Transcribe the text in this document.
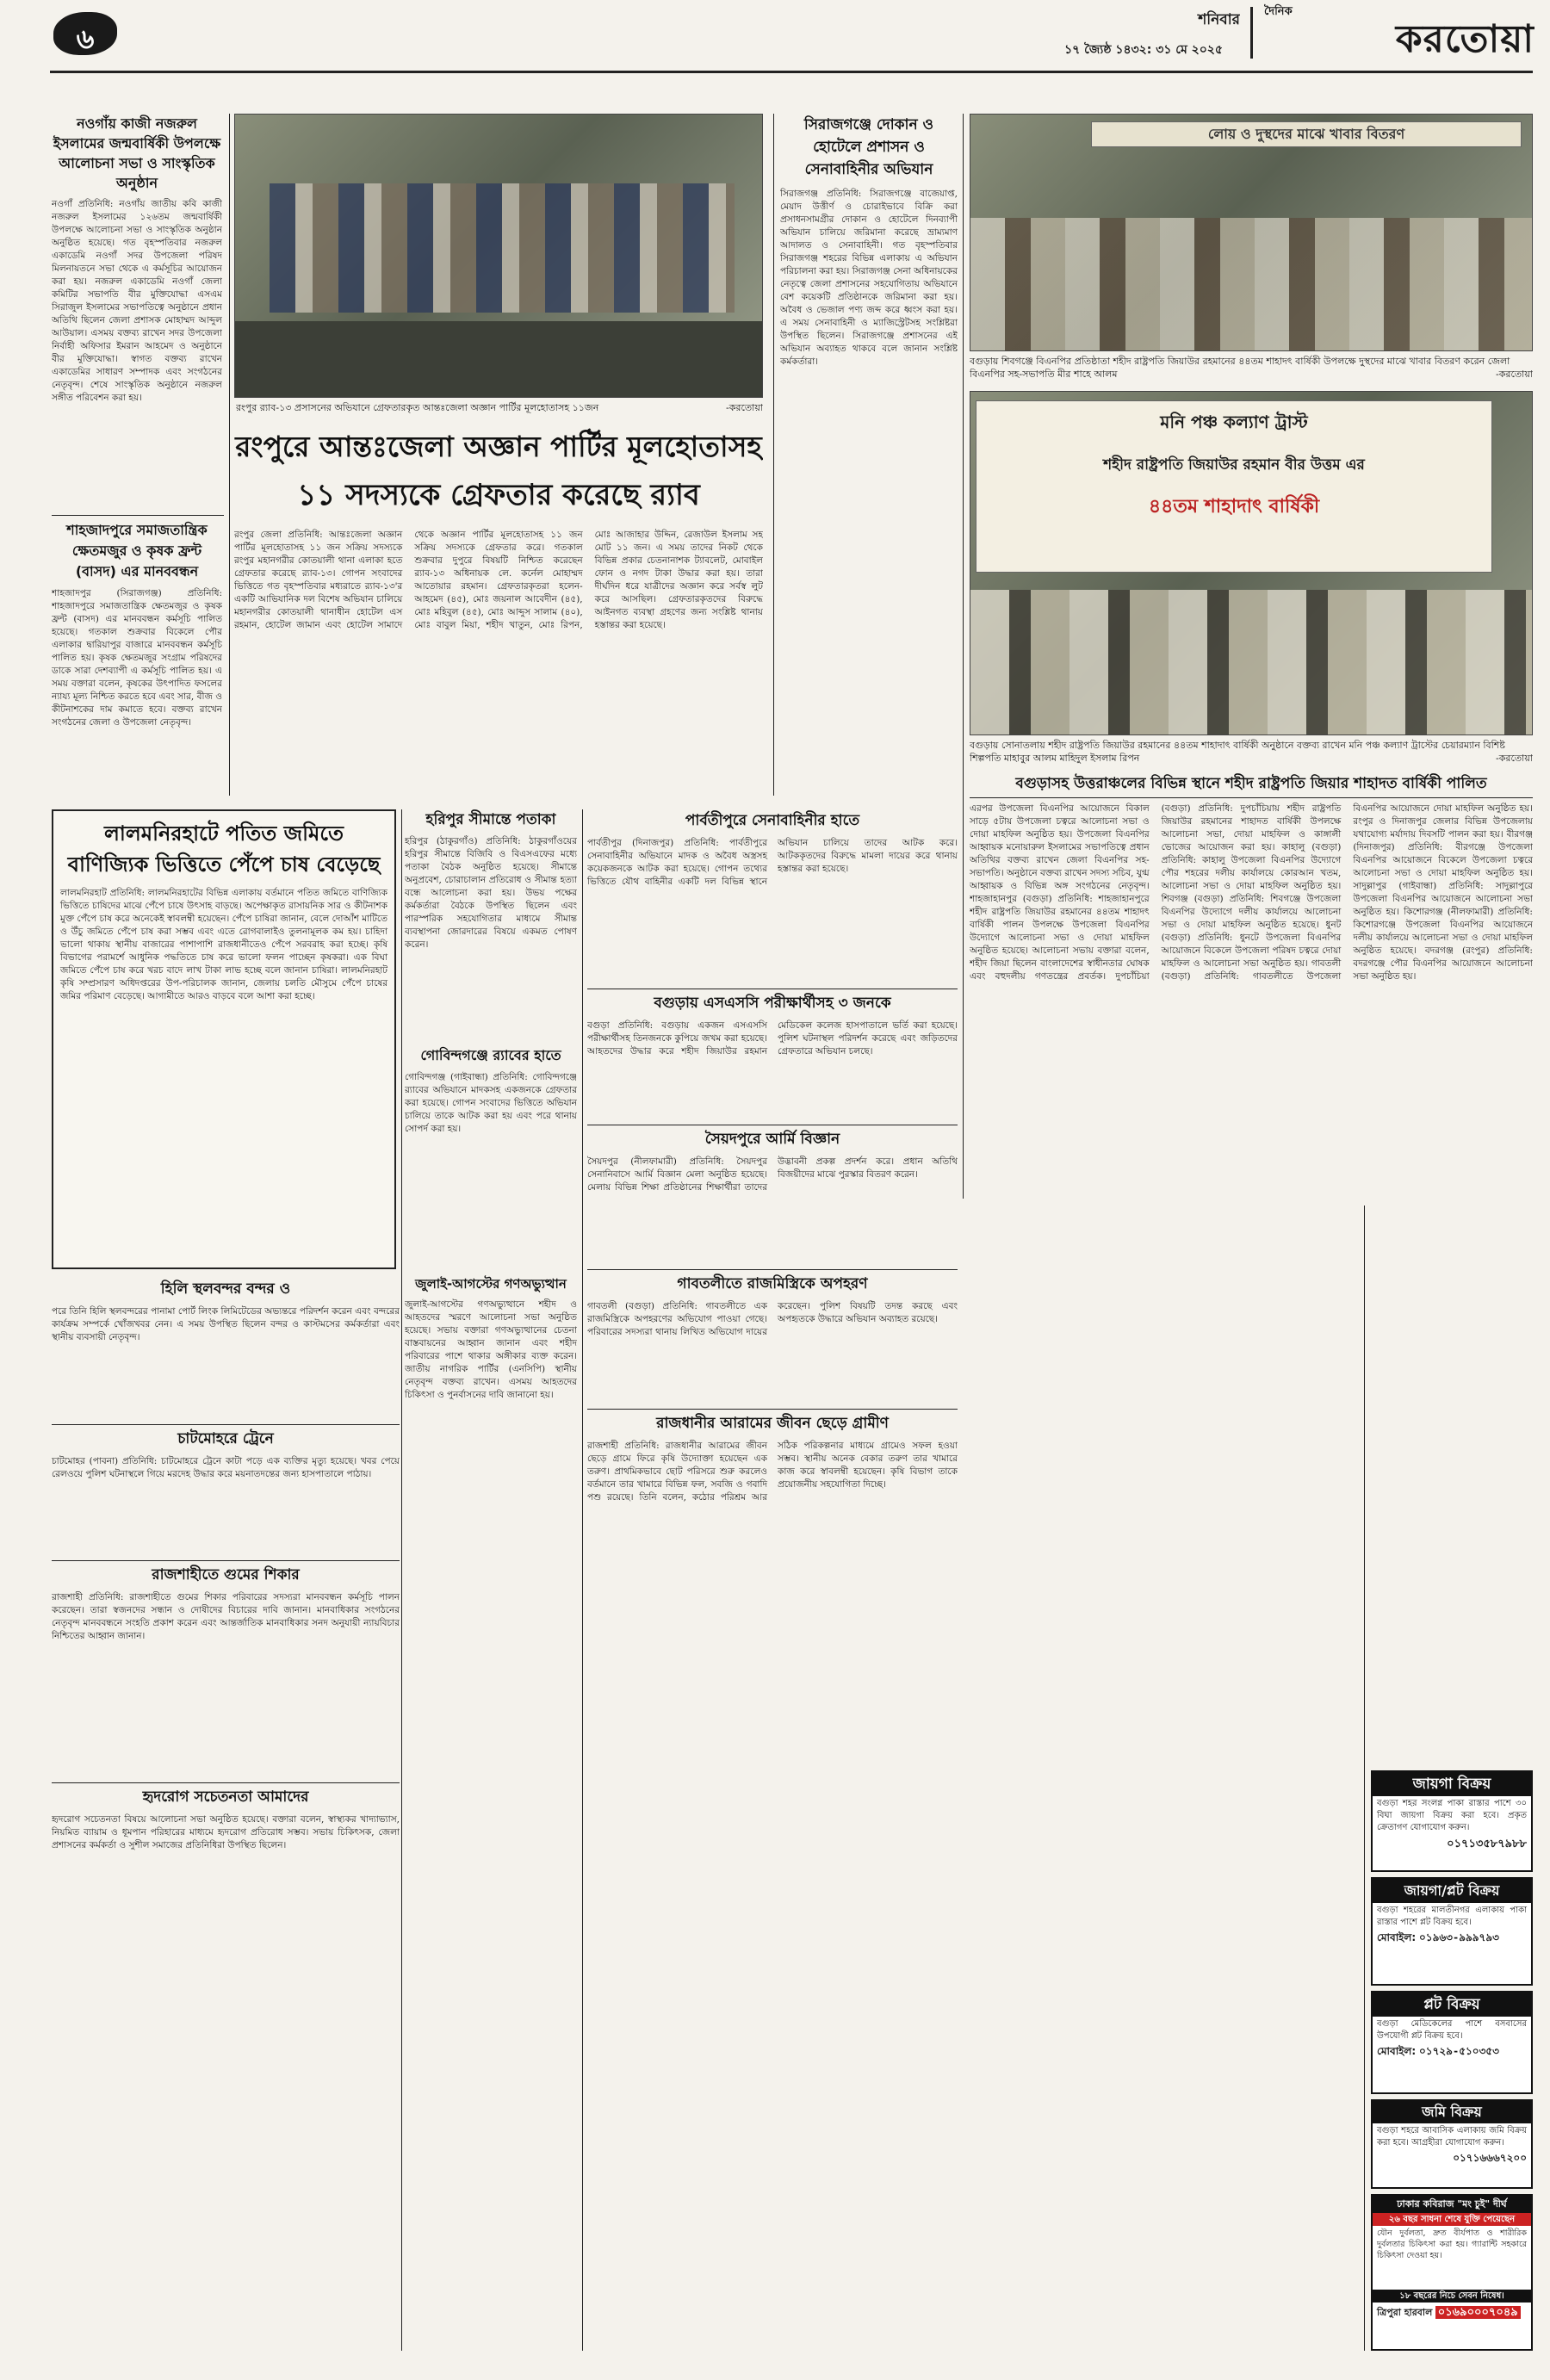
৬	১৭ জ্যৈষ্ঠ ১৪৩২: ৩১ মে ২০২৫
শনিবার দৈনিক
করতোয়া
নওগাঁয় কাজী নজরুল ইসলামের জন্মবার্ষিকী উপলক্ষে আলোচনা সভা ও সাংস্কৃতিক অনুষ্ঠান
নওগাঁ প্রতিনিধি: নওগাঁয় জাতীয় কবি কাজী নজরুল ইসলামের ১২৬তম জন্মবার্ষিকী উপলক্ষে আলোচনা সভা ও সাংস্কৃতিক অনুষ্ঠান অনুষ্ঠিত হয়েছে। গত বৃহস্পতিবার নজরুল একাডেমি নওগাঁ সদর উপজেলা পরিষদ মিলনায়তনে সভা থেকে এ কর্মসূচির আয়োজন করা হয়। নজরুল একাডেমি নওগাঁ জেলা কমিটির সভাপতি বীর মুক্তিযোদ্ধা এসএম সিরাজুল ইসলামের সভাপতিত্বে অনুষ্ঠানে প্রধান অতিথি ছিলেন জেলা প্রশাসক মোহাম্মদ আব্দুল আউয়াল। এসময় বক্তব্য রাখেন সদর উপজেলা নির্বাহী অফিসার ইমরান আহমেদ ও অনুষ্ঠানে বীর মুক্তিযোদ্ধা। স্বাগত বক্তব্য রাখেন একাডেমির সাধারণ সম্পাদক এবং সংগঠনের নেতৃবৃন্দ। শেষে সাংস্কৃতিক অনুষ্ঠানে নজরুল সঙ্গীত পরিবেশন করা হয়।
শাহজাদপুরে সমাজতান্ত্রিক ক্ষেতমজুর ও কৃষক ফ্রন্ট (বাসদ) এর মানববন্ধন
শাহজাদপুর (সিরাজগঞ্জ) প্রতিনিধি: শাহজাদপুরে সমাজতান্ত্রিক ক্ষেতমজুর ও কৃষক ফ্রন্ট (বাসদ) এর মানববন্ধন কর্মসূচি পালিত হয়েছে। গতকাল শুক্রবার বিকেলে পৌর এলাকার দ্বারিয়াপুর বাজারে মানববন্ধন কর্মসূচি পালিত হয়। কৃষক ক্ষেতমজুর সংগ্রাম পরিষদের ডাকে সারা দেশব্যাপী এ কর্মসূচি পালিত হয়। এ সময় বক্তারা বলেন, কৃষকের উৎপাদিত ফসলের ন্যায্য মূল্য নিশ্চিত করতে হবে এবং সার, বীজ ও কীটনাশকের দাম কমাতে হবে। বক্তব্য রাখেন সংগঠনের জেলা ও উপজেলা নেতৃবৃন্দ।
রংপুর র‍্যাব-১৩ প্রসাসনের অভিযানে গ্রেফতারকৃত আন্তঃজেলা অজ্ঞান পার্টির মূলহোতাসহ ১১জন	-করতোয়া
রংপুরে আন্তঃজেলা অজ্ঞান পার্টির মূলহোতাসহ
১১ সদস্যকে গ্রেফতার করেছে র‍্যাব
রংপুর জেলা প্রতিনিধি: আন্তঃজেলা অজ্ঞান পার্টির মূলহোতাসহ ১১ জন সক্রিয় সদস্যকে রংপুর মহানগরীর কোতয়ালী থানা এলাকা হতে গ্রেফতার করেছে র‍্যাব-১৩। গোপন সংবাদের ভিত্তিতে গত বৃহস্পতিবার মধ্যরাতে র‍্যাব-১৩'র একটি আভিযানিক দল বিশেষ অভিযান চালিয়ে মহানগরীর কোতয়ালী থানাধীন হোটেল এস রহমান, হোটেল জামান এবং হোটেল সামাদে থেকে অজ্ঞান পার্টির মূলহোতাসহ ১১ জন সক্রিয় সদস্যকে গ্রেফতার করে। গতকাল শুক্রবার দুপুরে বিষয়টি নিশ্চিত করেছেন র‍্যাব-১৩ অধিনায়ক লে. কর্নেল মোহাম্মদ আতোয়ার রহমান। গ্রেফতারকৃতরা হলেন- আহমেদ (৪৫), মোঃ জয়নাল আবেদীন (৪৫), মোঃ মহিবুল (৪৫), মোঃ আব্দুস সালাম (৪০), মোঃ বাবুল মিয়া, শহীদ খাতুন, মোঃ রিপন, মোঃ আজাহার উদ্দিন, রেজাউল ইসলাম সহ মোট ১১ জন। এ সময় তাদের নিকট থেকে বিভিন্ন প্রকার চেতনানাশক ট্যাবলেট, মোবাইল ফোন ও নগদ টাকা উদ্ধার করা হয়। তারা দীর্ঘদিন ধরে যাত্রীদের অজ্ঞান করে সর্বস্ব লুট করে আসছিল। গ্রেফতারকৃতদের বিরুদ্ধে আইনগত ব্যবস্থা গ্রহণের জন্য সংশ্লিষ্ট থানায় হস্তান্তর করা হয়েছে।
সিরাজগঞ্জে দোকান ও হোটেলে প্রশাসন ও সেনাবাহিনীর অভিযান
সিরাজগঞ্জ প্রতিনিধি: সিরাজগঞ্জে বাজেয়াপ্ত, মেয়াদ উত্তীর্ণ ও চোরাইভাবে বিক্রি করা প্রসাধনসামগ্রীর দোকান ও হোটেলে দিনব্যাপী অভিযান চালিয়ে জরিমানা করেছে ভ্রাম্যমাণ আদালত ও সেনাবাহিনী। গত বৃহস্পতিবার সিরাজগঞ্জ শহরের বিভিন্ন এলাকায় এ অভিযান পরিচালনা করা হয়। সিরাজগঞ্জ সেনা অধিনায়কের নেতৃত্বে জেলা প্রশাসনের সহযোগিতায় অভিযানে বেশ কয়েকটি প্রতিষ্ঠানকে জরিমানা করা হয়। অবৈধ ও ভেজাল পণ্য জব্দ করে ধ্বংস করা হয়। এ সময় সেনাবাহিনী ও ম্যাজিস্ট্রেটসহ সংশ্লিষ্টরা উপস্থিত ছিলেন। সিরাজগঞ্জে প্রশাসনের এই অভিযান অব্যাহত থাকবে বলে জানান সংশ্লিষ্ট কর্মকর্তারা।
লোয় ও দুস্থদের মাঝে খাবার বিতরণ
বগুড়ায় শিবগঞ্জে বিএনপির প্রতিষ্ঠাতা শহীদ রাষ্ট্রপতি জিয়াউর রহমানের ৪৪তম শাহাদৎ বার্ষিকী উপলক্ষে দুস্থদের মাঝে খাবার বিতরণ করেন জেলা বিএনপির সহ-সভাপতি মীর শাহে আলম	-করতোয়া
মনি পঞ্চ কল্যাণ ট্রাস্ট
শহীদ রাষ্ট্রপতি জিয়াউর রহমান বীর উত্তম এর
৪৪তম শাহাদাৎ বার্ষিকী
বগুড়ায় সোনাতলায় শহীদ রাষ্ট্রপতি জিয়াউর রহমানের ৪৪তম শাহাদাৎ বার্ষিকী অনুষ্ঠানে বক্তব্য রাখেন মনি পঞ্চ কল্যাণ ট্রাস্টের চেয়ারম্যান বিশিষ্ট শিল্পপতি মাহাবুর আলম মাহিদুল ইসলাম রিপন	-করতোয়া
বগুড়াসহ উত্তরাঞ্চলের বিভিন্ন স্থানে শহীদ রাষ্ট্রপতি জিয়ার শাহাদত বার্ষিকী পালিত
এরপর উপজেলা বিএনপির আয়োজনে বিকাল সাড়ে ৫টায় উপজেলা চত্বরে আলোচনা সভা ও দোয়া মাহফিল অনুষ্ঠিত হয়। উপজেলা বিএনপির আহ্বায়ক মনোয়ারুল ইসলামের সভাপতিত্বে প্রধান অতিথির বক্তব্য রাখেন জেলা বিএনপির সহ-সভাপতি। অনুষ্ঠানে বক্তব্য রাখেন সদস্য সচিব, যুগ্ম আহ্বায়ক ও বিভিন্ন অঙ্গ সংগঠনের নেতৃবৃন্দ। শাহজাহানপুর (বগুড়া) প্রতিনিধি: শাহজাহানপুরে শহীদ রাষ্ট্রপতি জিয়াউর রহমানের ৪৪তম শাহাদৎ বার্ষিকী পালন উপলক্ষে উপজেলা বিএনপির উদ্যোগে আলোচনা সভা ও দোয়া মাহফিল অনুষ্ঠিত হয়েছে। আলোচনা সভায় বক্তারা বলেন, শহীদ জিয়া ছিলেন বাংলাদেশের স্বাধীনতার ঘোষক এবং বহুদলীয় গণতন্ত্রের প্রবর্তক। দুপচাঁচিয়া (বগুড়া) প্রতিনিধি: দুপচাঁচিয়ায় শহীদ রাষ্ট্রপতি জিয়াউর রহমানের শাহাদত বার্ষিকী উপলক্ষে আলোচনা সভা, দোয়া মাহফিল ও কাঙ্গালী ভোজের আয়োজন করা হয়। কাহালু (বগুড়া) প্রতিনিধি: কাহালু উপজেলা বিএনপির উদ্যোগে পৌর শহরের দলীয় কার্যালয়ে কোরআন খতম, আলোচনা সভা ও দোয়া মাহফিল অনুষ্ঠিত হয়। শিবগঞ্জ (বগুড়া) প্রতিনিধি: শিবগঞ্জে উপজেলা বিএনপির উদ্যোগে দলীয় কার্যালয়ে আলোচনা সভা ও দোয়া মাহফিল অনুষ্ঠিত হয়েছে। ধুনট (বগুড়া) প্রতিনিধি: ধুনটে উপজেলা বিএনপির আয়োজনে বিকেলে উপজেলা পরিষদ চত্বরে দোয়া মাহফিল ও আলোচনা সভা অনুষ্ঠিত হয়। গাবতলী (বগুড়া) প্রতিনিধি: গাবতলীতে উপজেলা বিএনপির আয়োজনে দোয়া মাহফিল অনুষ্ঠিত হয়। রংপুর ও দিনাজপুর জেলার বিভিন্ন উপজেলায় যথাযোগ্য মর্যাদায় দিবসটি পালন করা হয়। বীরগঞ্জ (দিনাজপুর) প্রতিনিধি: বীরগঞ্জে উপজেলা বিএনপির আয়োজনে বিকেলে উপজেলা চত্বরে আলোচনা সভা ও দোয়া মাহফিল অনুষ্ঠিত হয়। সাদুল্লাপুর (গাইবান্ধা) প্রতিনিধি: সাদুল্লাপুরে উপজেলা বিএনপির আয়োজনে আলোচনা সভা অনুষ্ঠিত হয়। কিশোরগঞ্জ (নীলফামারী) প্রতিনিধি: কিশোরগঞ্জে উপজেলা বিএনপির আয়োজনে দলীয় কার্যালয়ে আলোচনা সভা ও দোয়া মাহফিল অনুষ্ঠিত হয়েছে। বদরগঞ্জ (রংপুর) প্রতিনিধি: বদরগঞ্জে পৌর বিএনপির আয়োজনে আলোচনা সভা অনুষ্ঠিত হয়।
লালমনিরহাটে পতিত জমিতে বাণিজ্যিক ভিত্তিতে পেঁপে চাষ বেড়েছে
লালমনিরহাট প্রতিনিধি: লালমনিরহাটের বিভিন্ন এলাকায় বর্তমানে পতিত জমিতে বাণিজ্যিক ভিত্তিতে চাষিদের মাঝে পেঁপে চাষে উৎসাহ বাড়ছে। অপেক্ষাকৃত রাসায়নিক সার ও কীটনাশক মুক্ত পেঁপে চাষ করে অনেকেই স্বাবলম্বী হয়েছেন। পেঁপে চাষিরা জানান, বেলে দোআঁশ মাটিতে ও উঁচু জমিতে পেঁপে চাষ করা সম্ভব এবং এতে রোগবালাইও তুলনামূলক কম হয়। চাহিদা ভালো থাকায় স্থানীয় বাজারের পাশাপাশি রাজধানীতেও পেঁপে সরবরাহ করা হচ্ছে। কৃষি বিভাগের পরামর্শে আধুনিক পদ্ধতিতে চাষ করে ভালো ফলন পাচ্ছেন কৃষকরা। এক বিঘা জমিতে পেঁপে চাষ করে খরচ বাদে লাখ টাকা লাভ হচ্ছে বলে জানান চাষিরা। লালমনিরহাট কৃষি সম্প্রসারণ অধিদপ্তরের উপ-পরিচালক জানান, জেলায় চলতি মৌসুমে পেঁপে চাষের জমির পরিমাণ বেড়েছে। আগামীতে আরও বাড়বে বলে আশা করা হচ্ছে।
হরিপুর সীমান্তে পতাকা
হরিপুর (ঠাকুরগাঁও) প্রতিনিধি: ঠাকুরগাঁওয়ের হরিপুর সীমান্তে বিজিবি ও বিএসএফের মধ্যে পতাকা বৈঠক অনুষ্ঠিত হয়েছে। সীমান্তে অনুপ্রবেশ, চোরাচালান প্রতিরোধ ও সীমান্ত হত্যা বন্ধে আলোচনা করা হয়। উভয় পক্ষের কর্মকর্তারা বৈঠকে উপস্থিত ছিলেন এবং পারস্পরিক সহযোগিতার মাধ্যমে সীমান্ত ব্যবস্থাপনা জোরদারের বিষয়ে একমত পোষণ করেন।
গোবিন্দগঞ্জে র‍্যাবের হাতে
গোবিন্দগঞ্জ (গাইবান্ধা) প্রতিনিধি: গোবিন্দগঞ্জে র‍্যাবের অভিযানে মাদকসহ একজনকে গ্রেফতার করা হয়েছে। গোপন সংবাদের ভিত্তিতে অভিযান চালিয়ে তাকে আটক করা হয় এবং পরে থানায় সোপর্দ করা হয়।
জুলাই-আগস্টের গণঅভ্যুত্থান
জুলাই-আগস্টের গণঅভ্যুত্থানে শহীদ ও আহতদের স্মরণে আলোচনা সভা অনুষ্ঠিত হয়েছে। সভায় বক্তারা গণঅভ্যুত্থানের চেতনা বাস্তবায়নের আহ্বান জানান এবং শহীদ পরিবারের পাশে থাকার অঙ্গীকার ব্যক্ত করেন। জাতীয় নাগরিক পার্টির (এনসিপি) স্থানীয় নেতৃবৃন্দ বক্তব্য রাখেন। এসময় আহতদের চিকিৎসা ও পুনর্বাসনের দাবি জানানো হয়।
পার্বতীপুরে সেনাবাহিনীর হাতে
পার্বতীপুর (দিনাজপুর) প্রতিনিধি: পার্বতীপুরে সেনাবাহিনীর অভিযানে মাদক ও অবৈধ অস্ত্রসহ কয়েকজনকে আটক করা হয়েছে। গোপন তথ্যের ভিত্তিতে যৌথ বাহিনীর একটি দল বিভিন্ন স্থানে অভিযান চালিয়ে তাদের আটক করে। আটককৃতদের বিরুদ্ধে মামলা দায়ের করে থানায় হস্তান্তর করা হয়েছে।
বগুড়ায় এসএসসি পরীক্ষার্থীসহ ৩ জনকে
বগুড়া প্রতিনিধি: বগুড়ায় একজন এসএসসি পরীক্ষার্থীসহ তিনজনকে কুপিয়ে জখম করা হয়েছে। আহতদের উদ্ধার করে শহীদ জিয়াউর রহমান মেডিকেল কলেজ হাসপাতালে ভর্তি করা হয়েছে। পুলিশ ঘটনাস্থল পরিদর্শন করেছে এবং জড়িতদের গ্রেফতারে অভিযান চলছে।
সৈয়দপুরে আর্মি বিজ্ঞান
সৈয়দপুর (নীলফামারী) প্রতিনিধি: সৈয়দপুর সেনানিবাসে আর্মি বিজ্ঞান মেলা অনুষ্ঠিত হয়েছে। মেলায় বিভিন্ন শিক্ষা প্রতিষ্ঠানের শিক্ষার্থীরা তাদের উদ্ভাবনী প্রকল্প প্রদর্শন করে। প্রধান অতিথি বিজয়ীদের মাঝে পুরস্কার বিতরণ করেন।
গাবতলীতে রাজমিস্ত্রিকে অপহরণ
গাবতলী (বগুড়া) প্রতিনিধি: গাবতলীতে এক রাজমিস্ত্রিকে অপহরণের অভিযোগ পাওয়া গেছে। পরিবারের সদস্যরা থানায় লিখিত অভিযোগ দায়ের করেছেন। পুলিশ বিষয়টি তদন্ত করছে এবং অপহৃতকে উদ্ধারে অভিযান অব্যাহত রয়েছে।
রাজধানীর আরামের জীবন ছেড়ে গ্রামীণ
রাজশাহী প্রতিনিধি: রাজধানীর আরামের জীবন ছেড়ে গ্রামে ফিরে কৃষি উদ্যোক্তা হয়েছেন এক তরুণ। প্রাথমিকভাবে ছোট পরিসরে শুরু করলেও বর্তমানে তার খামারে বিভিন্ন ফল, সবজি ও গবাদি পশু রয়েছে। তিনি বলেন, কঠোর পরিশ্রম আর সঠিক পরিকল্পনার মাধ্যমে গ্রামেও সফল হওয়া সম্ভব। স্থানীয় অনেক বেকার তরুণ তার খামারে কাজ করে স্বাবলম্বী হয়েছেন। কৃষি বিভাগ তাকে প্রয়োজনীয় সহযোগিতা দিচ্ছে।
হিলি স্থলবন্দর বন্দর ও
পরে তিনি হিলি স্থলবন্দরের পানামা পোর্ট লিংক লিমিটেডের অভ্যন্তরে পরিদর্শন করেন এবং বন্দরের কার্যক্রম সম্পর্কে খোঁজখবর নেন। এ সময় উপস্থিত ছিলেন বন্দর ও কাস্টমসের কর্মকর্তারা এবং স্থানীয় ব্যবসায়ী নেতৃবৃন্দ।
চাটমোহরে ট্রেনে
চাটমোহর (পাবনা) প্রতিনিধি: চাটমোহরে ট্রেনে কাটা পড়ে এক ব্যক্তির মৃত্যু হয়েছে। খবর পেয়ে রেলওয়ে পুলিশ ঘটনাস্থলে গিয়ে মরদেহ উদ্ধার করে ময়নাতদন্তের জন্য হাসপাতালে পাঠায়।
রাজশাহীতে গুমের শিকার
রাজশাহী প্রতিনিধি: রাজশাহীতে গুমের শিকার পরিবারের সদস্যরা মানববন্ধন কর্মসূচি পালন করেছেন। তারা স্বজনদের সন্ধান ও দোষীদের বিচারের দাবি জানান। মানবাধিকার সংগঠনের নেতৃবৃন্দ মানববন্ধনে সংহতি প্রকাশ করেন এবং আন্তর্জাতিক মানবাধিকার সনদ অনুযায়ী ন্যায়বিচার নিশ্চিতের আহ্বান জানান।
হৃদরোগ সচেতনতা আমাদের
হৃদরোগ সচেতনতা বিষয়ে আলোচনা সভা অনুষ্ঠিত হয়েছে। বক্তারা বলেন, স্বাস্থ্যকর খাদ্যাভ্যাস, নিয়মিত ব্যায়াম ও ধূমপান পরিহারের মাধ্যমে হৃদরোগ প্রতিরোধ সম্ভব। সভায় চিকিৎসক, জেলা প্রশাসনের কর্মকর্তা ও সুশীল সমাজের প্রতিনিধিরা উপস্থিত ছিলেন।
জায়গা বিক্রয়
বগুড়া শহর সংলগ্ন পাকা রাস্তার পাশে ৩০ বিঘা জায়গা বিক্রয় করা হবে। প্রকৃত ক্রেতাগণ যোগাযোগ করুন।
০১৭১৩৫৮৭৯৮৮
জায়গা/প্লট বিক্রয়
বগুড়া শহরের মালতীনগর এলাকায় পাকা রাস্তার পাশে প্লট বিক্রয় হবে।
মোবাইল: ০১৯৬৩-৯৯৯৭৯৩
প্লট বিক্রয়
বগুড়া মেডিকেলের পাশে বসবাসের উপযোগী প্লট বিক্রয় হবে।
মোবাইল: ০১৭২৯-৫১০৩৫৩
জমি বিক্রয়
বগুড়া শহরে আবাসিক এলাকায় জমি বিক্রয় করা হবে। আগ্রহীরা যোগাযোগ করুন।
০১৭১৬৬৬৭২০০
ঢাকার কবিরাজ "মং চুই" দীর্ঘ
২৬ বছর সাধনা শেষে যুক্তি পেয়েছেন
যৌন দুর্বলতা, দ্রুত বীর্যপাত ও শারীরিক দুর্বলতার চিকিৎসা করা হয়। গ্যারান্টি সহকারে চিকিৎসা দেওয়া হয়।
১৮ বছরের নিচে সেবন নিষেধ।
ত্রিপুরা হারবাল ০১৬৯০০০৭০৪৯
